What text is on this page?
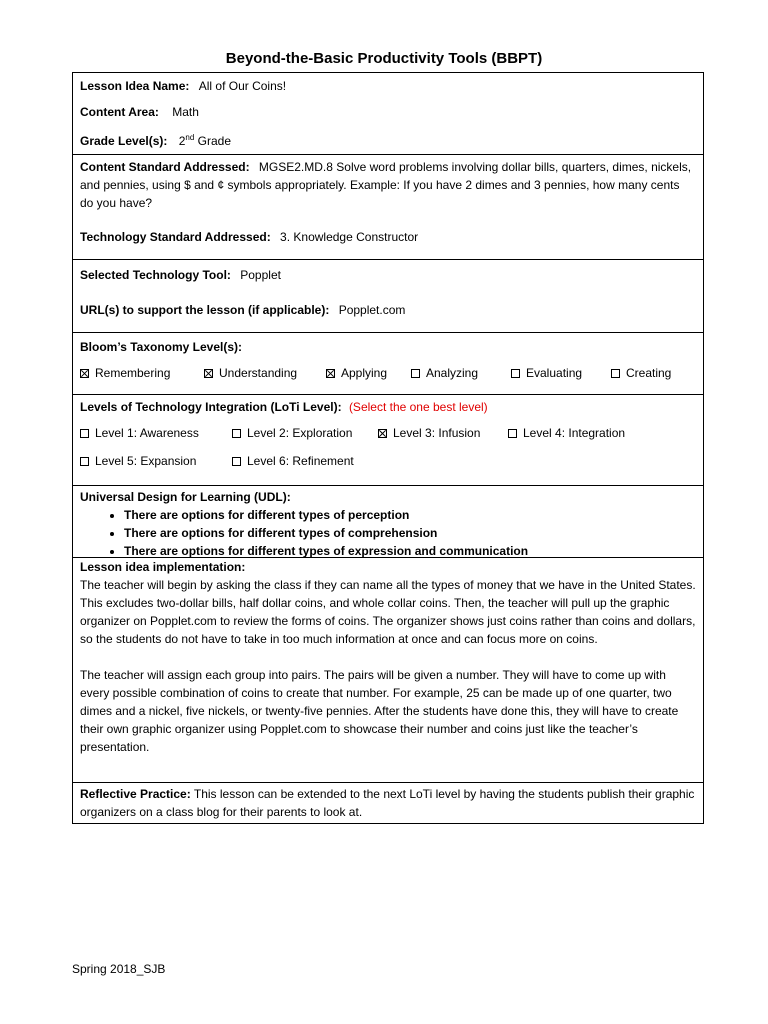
Beyond-the-Basic Productivity Tools (BBPT)
Lesson Idea Name: All of Our Coins!
Content Area: Math
Grade Level(s): 2nd Grade
Content Standard Addressed: MGSE2.MD.8 Solve word problems involving dollar bills, quarters, dimes, nickels, and pennies, using $ and ¢ symbols appropriately. Example: If you have 2 dimes and 3 pennies, how many cents do you have?
Technology Standard Addressed: 3. Knowledge Constructor
Selected Technology Tool: Popplet
URL(s) to support the lesson (if applicable): Popplet.com
Bloom’s Taxonomy Level(s):
Remembering	Understanding	Applying	Analyzing	Evaluating	Creating
Levels of Technology Integration (LoTi Level): (Select the one best level)
Level 1: Awareness	Level 2: Exploration	Level 3: Infusion	Level 4: Integration
Level 5: Expansion	Level 6: Refinement
Universal Design for Learning (UDL):
• There are options for different types of perception
• There are options for different types of comprehension
• There are options for different types of expression and communication
Lesson idea implementation:

The teacher will begin by asking the class if they can name all the types of money that we have in the United States. This excludes two-dollar bills, half dollar coins, and whole collar coins. Then, the teacher will pull up the graphic organizer on Popplet.com to review the forms of coins. The organizer shows just coins rather than coins and dollars, so the students do not have to take in too much information at once and can focus more on coins.

The teacher will assign each group into pairs. The pairs will be given a number. They will have to come up with every possible combination of coins to create that number. For example, 25 can be made up of one quarter, two dimes and a nickel, five nickels, or twenty-five pennies. After the students have done this, they will have to create their own graphic organizer using Popplet.com to showcase their number and coins just like the teacher’s presentation.

Reflective Practice: This lesson can be extended to the next LoTi level by having the students publish their graphic organizers on a class blog for their parents to look at.
Spring 2018_SJB
